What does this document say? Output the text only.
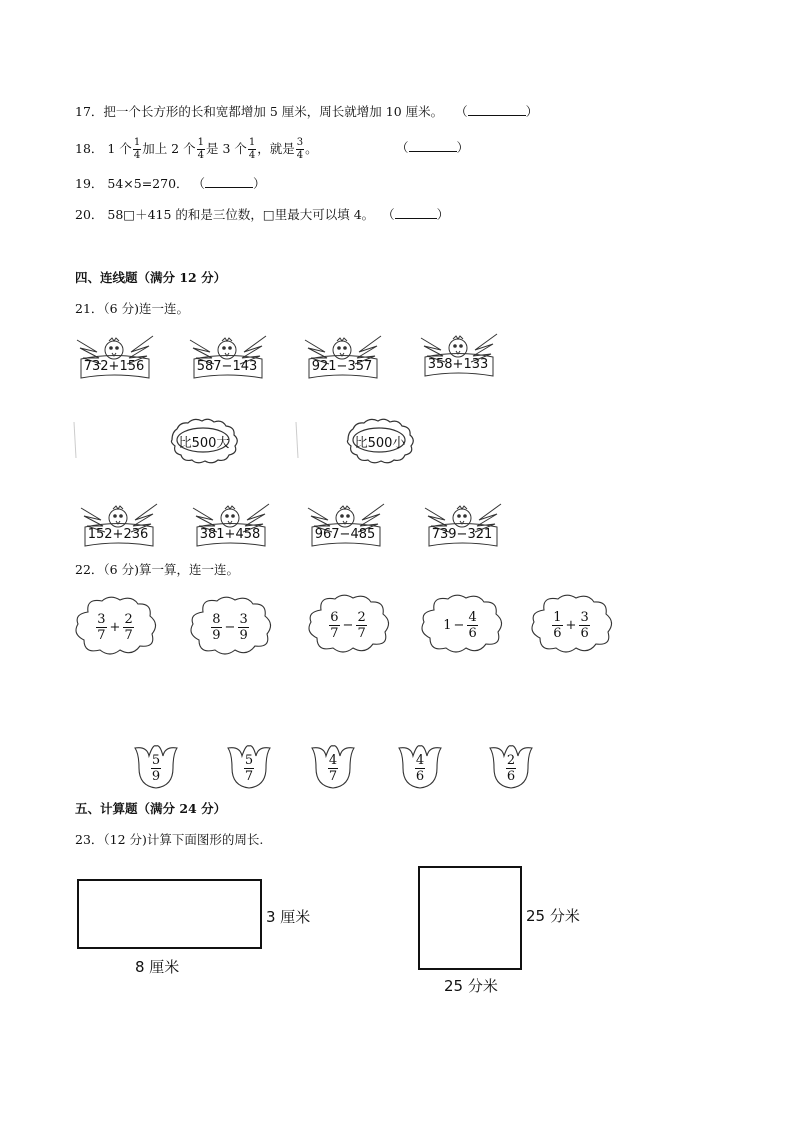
17．把一个长方形的长和宽都增加 5 厘米，周长就增加 10 厘米。 （	）
18． 1 个 $\frac{1}{4}$ 加上 2 个 $\frac{1}{4}$ 是 3 个 $\frac{1}{4}$ ，就是 $\frac{3}{4}$ 。	（	）
19． 54×5=270． （	）
20． 58□＋415 的和是三位数，□里最大可以填 4。 （	）
四、连线题（满分 12 分）
21．（6 分)连一连。
732+156	587−143	921−357	358+133
比500大	比500小
152+236	381+458	967−485	739−321
22．（6 分)算一算，连一连。
$\frac{3}{7} + \frac{2}{7}$	$\frac{8}{9} - \frac{3}{9}$	$\frac{6}{7} - \frac{2}{7}$	$1 - \frac{4}{6}$	$\frac{1}{6} + \frac{3}{6}$
$\frac{5}{9}$	$\frac{5}{7}$	$\frac{4}{7}$	$\frac{4}{6}$	$\frac{2}{6}$
五、计算题（满分 24 分）
23．（12 分)计算下面图形的周长.
3 厘米
8 厘米
25 分米
25 分米
